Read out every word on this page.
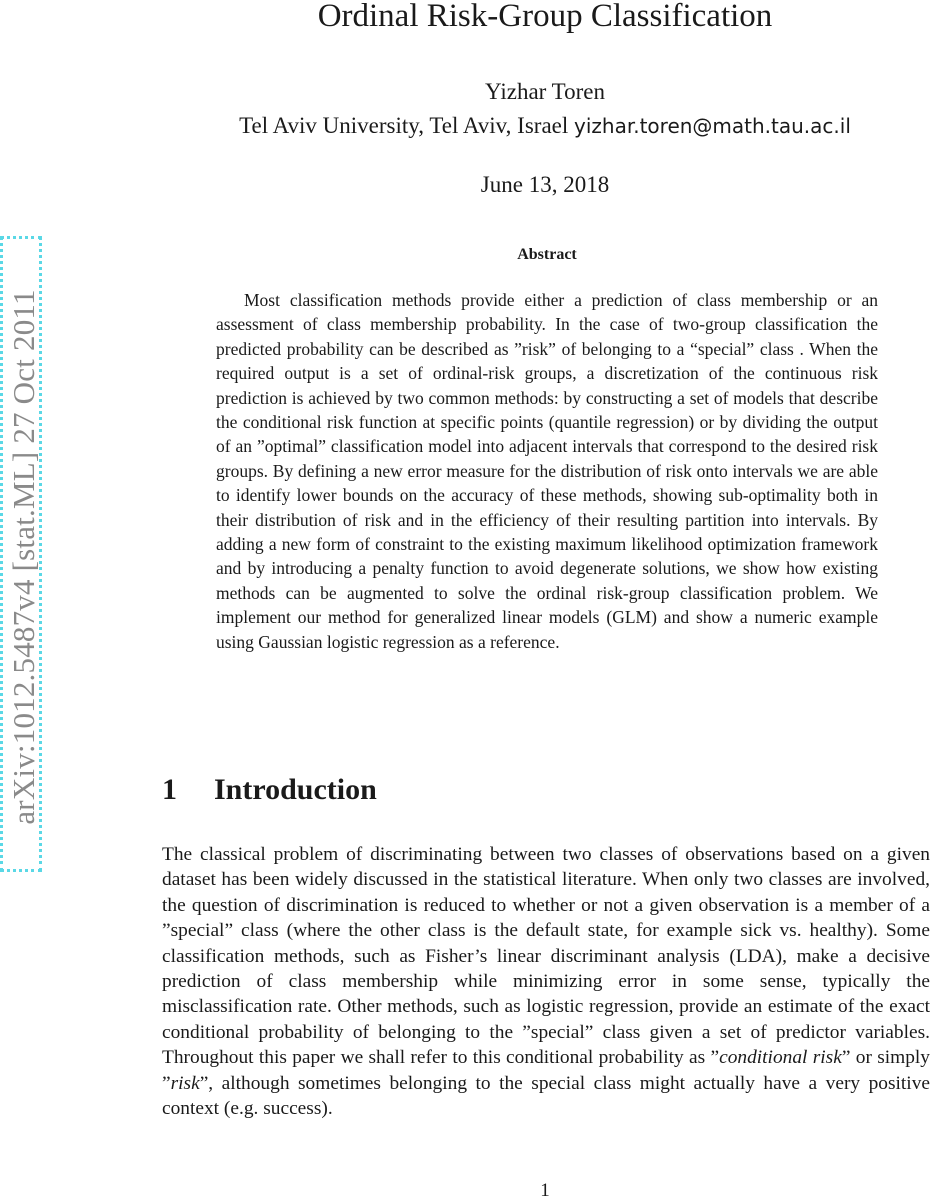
Ordinal Risk-Group Classification
Yizhar Toren
Tel Aviv University, Tel Aviv, Israel yizhar.toren@math.tau.ac.il
June 13, 2018
arXiv:1012.5487v4 [stat.ML] 27 Oct 2011
Abstract

Most classification methods provide either a prediction of class membership or an assessment of class membership probability. In the case of two-group classification the predicted probability can be described as ”risk” of belonging to a “special” class . When the required output is a set of ordinal-risk groups, a discretization of the continuous risk prediction is achieved by two common methods: by constructing a set of models that describe the conditional risk function at specific points (quantile regression) or by dividing the output of an ”optimal” classification model into adjacent intervals that correspond to the desired risk groups. By defining a new error measure for the distribution of risk onto intervals we are able to identify lower bounds on the accuracy of these methods, showing sub-optimality both in their distribution of risk and in the efficiency of their resulting partition into intervals. By adding a new form of constraint to the existing maximum likelihood optimization framework and by introducing a penalty function to avoid degenerate solutions, we show how existing methods can be augmented to solve the ordinal risk-group classification problem. We implement our method for generalized linear models (GLM) and show a numeric example using Gaussian logistic regression as a reference.

1 Introduction

The classical problem of discriminating between two classes of observations based on a given dataset has been widely discussed in the statistical literature. When only two classes are involved, the question of discrimination is reduced to whether or not a given observation is a member of a ”special” class (where the other class is the default state, for example sick vs. healthy). Some classification methods, such as Fisher’s linear discriminant analysis (LDA), make a decisive prediction of class membership while minimizing error in some sense, typically the misclassification rate. Other methods, such as logistic regression, provide an estimate of the exact conditional probability of belonging to the ”special” class given a set of predictor variables. Throughout this paper we shall refer to this conditional probability as ”conditional risk” or simply ”risk”, although sometimes belonging to the special class might actually have a very positive context (e.g. success).

1
